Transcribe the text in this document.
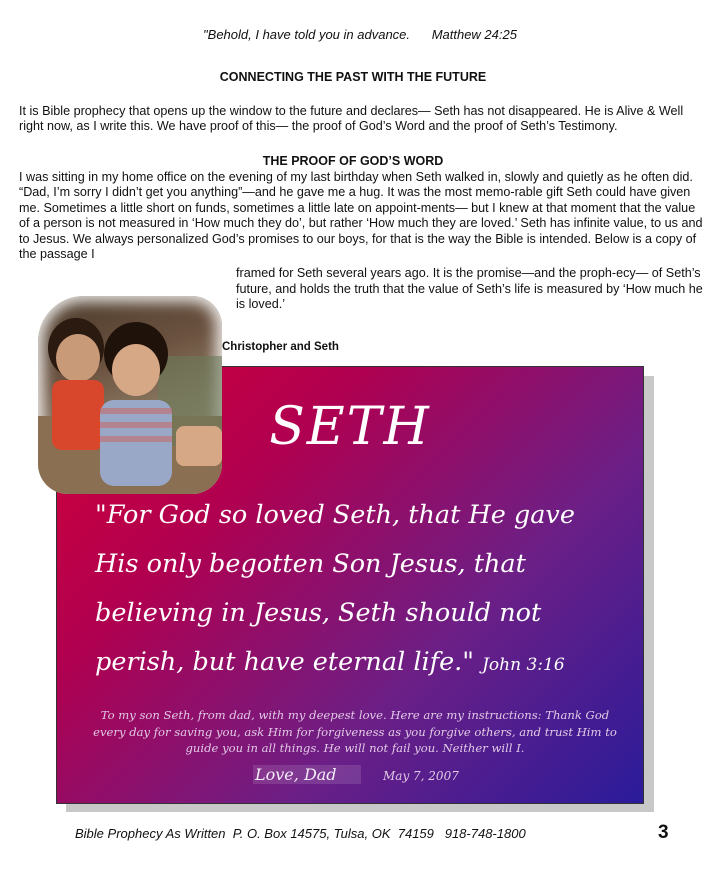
"Behold, I have told you in advance. Matthew 24:25
CONNECTING THE PAST WITH THE FUTURE
It is Bible prophecy that opens up the window to the future and declares— Seth has not disappeared. He is Alive & Well right now, as I write this. We have proof of this— the proof of God’s Word and the proof of Seth’s Testimony.
THE PROOF OF GOD’S WORD
I was sitting in my home office on the evening of my last birthday when Seth walked in, slowly and quietly as he often did. “Dad, I’m sorry I didn’t get you anything”—and he gave me a hug. It was the most memo-rable gift Seth could have given me. Sometimes a little short on funds, sometimes a little late on appoint-ments— but I knew at that moment that the value of a person is not measured in ‘How much they do’, but rather ‘How much they are loved.’ Seth has infinite value, to us and to Jesus. We always personalized God’s promises to our boys, for that is the way the Bible is intended. Below is a copy of the passage I
framed for Seth several years ago. It is the promise—and the proph-ecy— of Seth’s future, and holds the truth that the value of Seth’s life is measured by ‘How much he is loved.’
SETH
"For God so loved Seth, that He gave
His only begotten Son Jesus, that
believing in Jesus, Seth should not
perish, but have eternal life." John 3:16
To my son Seth, from dad, with my deepest love. Here are my instructions: Thank God every day for saving you, ask Him for forgiveness as you forgive others, and trust Him to guide you in all things. He will not fail you. Neither will I.
Love, Dad	May 7, 2007
Christopher and Seth
Bible Prophecy As Written  P. O. Box 14575, Tulsa, OK  74159   918-748-1800	3
